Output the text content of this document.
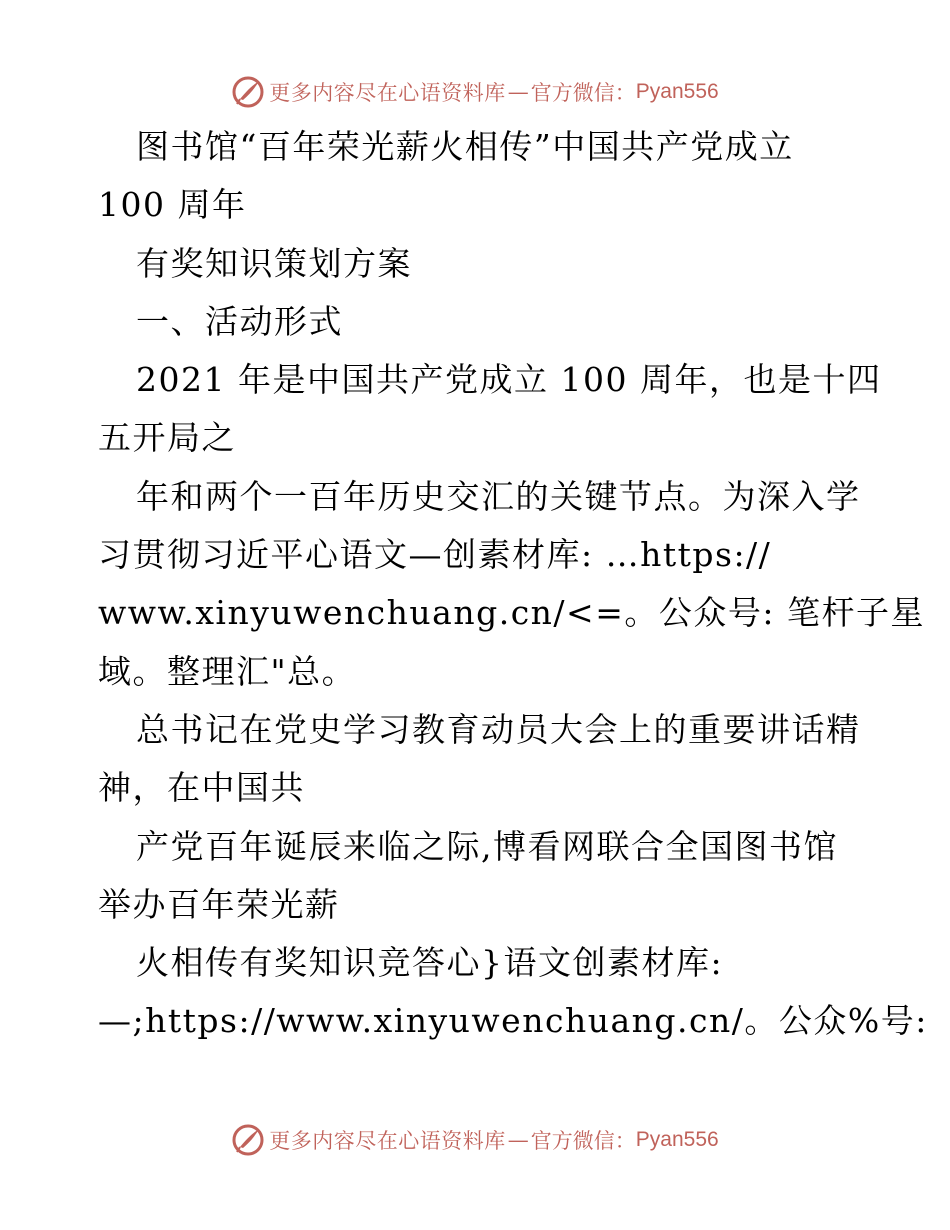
更多内容尽在心语资料库 — 官方微信： Pyan556
图书馆“百年荣光薪火相传”中国共产党成立
100 周年
有奖知识策划方案
一、活动形式
2021 年是中国共产党成立 100 周年，也是十四
五开局之
年和两个一百年历史交汇的关键节点。为深入学
习贯彻习近平心语文—创素材库: …https://
www.xinyuwenchuang.cn/<=。公众号: 笔杆子星
域。整理汇"总。
总书记在党史学习教育动员大会上的重要讲话精
神，在中国共
产党百年诞辰来临之际,博看网联合全国图书馆
举办百年荣光薪
火相传有奖知识竞答心}语文创素材库:
—;https://www.xinyuwenchuang.cn/。公众%号:
更多内容尽在心语资料库 — 官方微信： Pyan556
